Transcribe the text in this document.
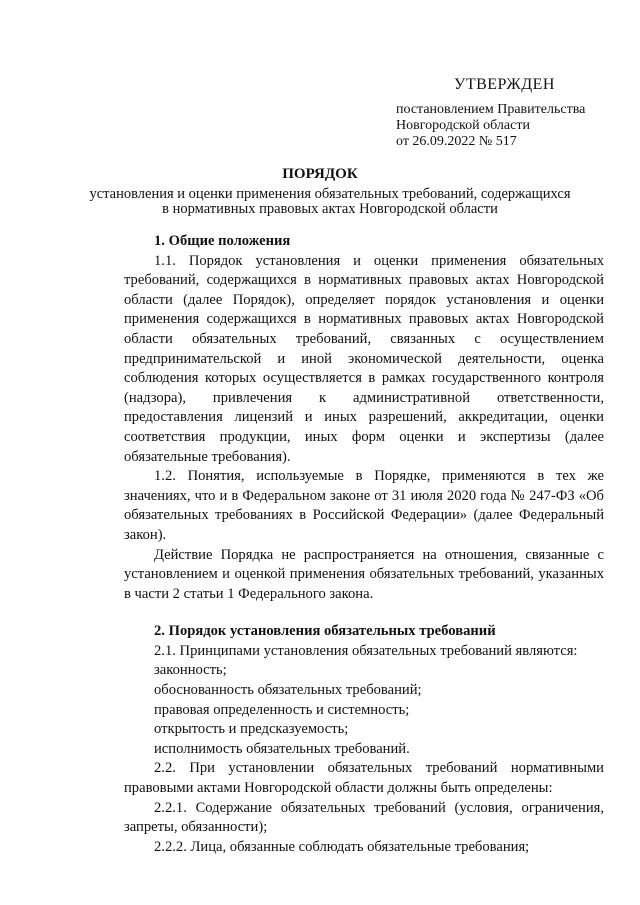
УТВЕРЖДЕН
постановлением Правительства
Новгородской области
от 26.09.2022 № 517
ПОРЯДОК
установления и оценки применения обязательных требований, содержащихся
в нормативных правовых актах Новгородской области

1. Общие положения

1.1. Порядок установления и оценки применения обязательных требований, содержащихся в нормативных правовых актах Новгородской области (далее Порядок), определяет порядок установления и оценки применения содержащихся в нормативных правовых актах Новгородской области обязательных требований, связанных с осуществлением предпринимательской и иной экономической деятельности, оценка соблюдения которых осуществляется в рамках государственного контроля (надзора), привлечения к административной ответственности, предоставления лицензий и иных разрешений, аккредитации, оценки соответствия продукции, иных форм оценки и экспертизы (далее обязательные требования).

1.2. Понятия, используемые в Порядке, применяются в тех же значениях, что и в Федеральном законе от 31 июля 2020 года № 247-ФЗ «Об обязательных требованиях в Российской Федерации» (далее Федеральный закон).

Действие Порядка не распространяется на отношения, связанные с установлением и оценкой применения обязательных требований, указанных в части 2 статьи 1 Федерального закона.

2. Порядок установления обязательных требований

2.1. Принципами установления обязательных требований являются:

законность;

обоснованность обязательных требований;

правовая определенность и системность;

открытость и предсказуемость;

исполнимость обязательных требований.

2.2. При установлении обязательных требований нормативными правовыми актами Новгородской области должны быть определены:

2.2.1. Содержание обязательных требований (условия, ограничения, запреты, обязанности);

2.2.2. Лица, обязанные соблюдать обязательные требования;
